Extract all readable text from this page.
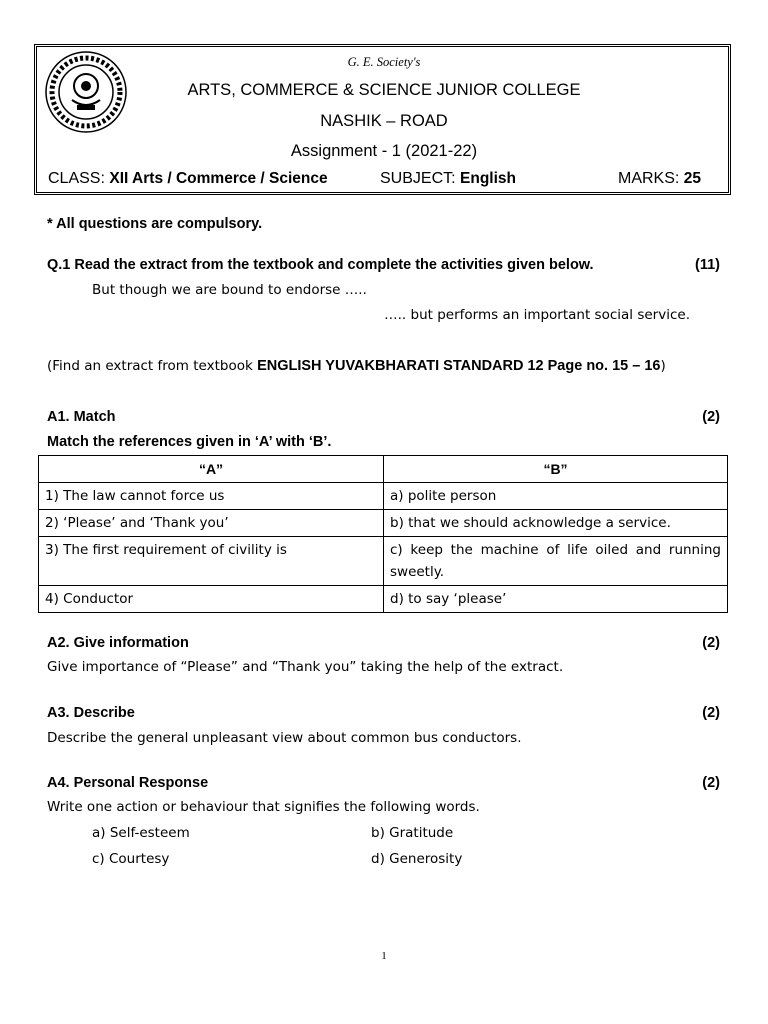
G. E. Society's
ARTS, COMMERCE & SCIENCE JUNIOR COLLEGE
NASHIK – ROAD
Assignment - 1 (2021-22)
CLASS: XII Arts / Commerce / Science	SUBJECT: English	MARKS: 25
* All questions are compulsory.
Q.1 Read the extract from the textbook and complete the activities given below.	(11)
But though we are bound to endorse …..
….. but performs an important social service.
(Find an extract from textbook ENGLISH YUVAKBHARATI STANDARD 12 Page no. 15 – 16)
A1. Match	(2)
Match the references given in ‘A’ with ‘B’.
“A”	“B”
1) The law cannot force us	a) polite person
2) ‘Please’ and ‘Thank you’	b) that we should acknowledge a service.
3) The first requirement of civility is	c) keep the machine of life oiled and running
sweetly.

4) Conductor	d) to say ‘please’
A2. Give information	(2)
Give importance of “Please” and “Thank you” taking the help of the extract.
A3. Describe	(2)
Describe the general unpleasant view about common bus conductors.
A4. Personal Response	(2)
Write one action or behaviour that signifies the following words.
a) Self-esteem	b) Gratitude
c) Courtesy	d) Generosity
1
